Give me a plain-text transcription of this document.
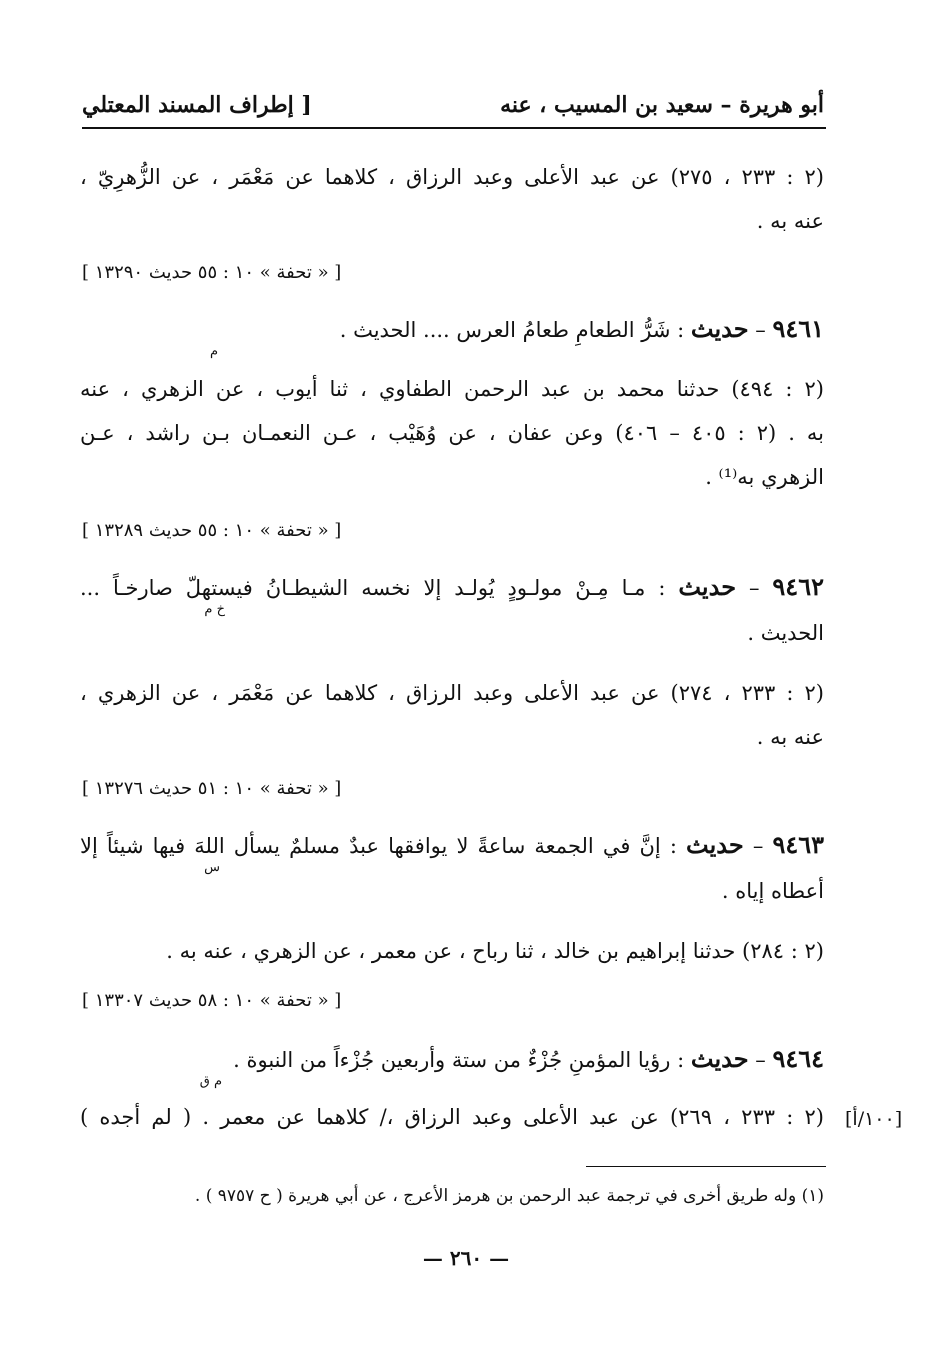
أبو هريرة – سعيد بن المسيب ، عنه
[ إطراف المسند المعتلي
(٢ : ٢٣٣ ، ٢٧٥) عن عبد الأعلى وعبد الرزاق ، كلاهما عن مَعْمَر ، عن الزُّهرِيّ ،
عنه به .
[ « تحفة » ١٠ : ٥٥ حديث ١٣٢٩٠ ]
٩٤٦١ – حديث : شَرُّ الطعامِ طعامُ العرس .... الحديث .
م
(٢ : ٤٩٤) حدثنا محمد بن عبد الرحمن الطفاوي ، ثنا أيوب ، عن الزهري ، عنه
به . (٢ : ٤٠٥ – ٤٠٦) وعن عفان ، عن وُهَيْب ، عـن النعمـان بـن راشد ، عـن
الزهري به⁽¹⁾ .
[ « تحفة » ١٠ : ٥٥ حديث ١٣٢٨٩ ]
٩٤٦٢ – حديث : مـا مِـنْ مولـودٍ يُولـد إلا نخسه الشيطـانُ فيستهلّ صارخـاً ...
خ م
الحديث .
(٢ : ٢٣٣ ، ٢٧٤) عن عبد الأعلى وعبد الرزاق ، كلاهما عن مَعْمَر ، عن الزهري ،
عنه به .
[ « تحفة » ١٠ : ٥١ حديث ١٣٢٧٦ ]
٩٤٦٣ – حديث : إنَّ في الجمعة ساعةً لا يوافقها عبدٌ مسلمٌ يسأل اللهَ فيها شيئاً إلا
س
أعطاه إياه .
(٢ : ٢٨٤) حدثنا إبراهيم بن خالد ، ثنا رباح ، عن معمر ، عن الزهري ، عنه به .
[ « تحفة » ١٠ : ٥٨ حديث ١٣٣٠٧ ]
٩٤٦٤ – حديث : رؤيا المؤمنِ جُزْءٌ من ستة وأربعين جُزْءاً من النبوة .
م ق
(٢ : ٢٣٣ ، ٢٦٩) عن عبد الأعلى وعبد الرزاق ،/ كلاهما عن معمر . ( لم أجده ) [١٠٠/أ]
(١) وله طريق أخرى في ترجمة عبد الرحمن بن هرمز الأعرج ، عن أبي هريرة ( ح ٩٧٥٧ ) .
— ٢٦٠ —
